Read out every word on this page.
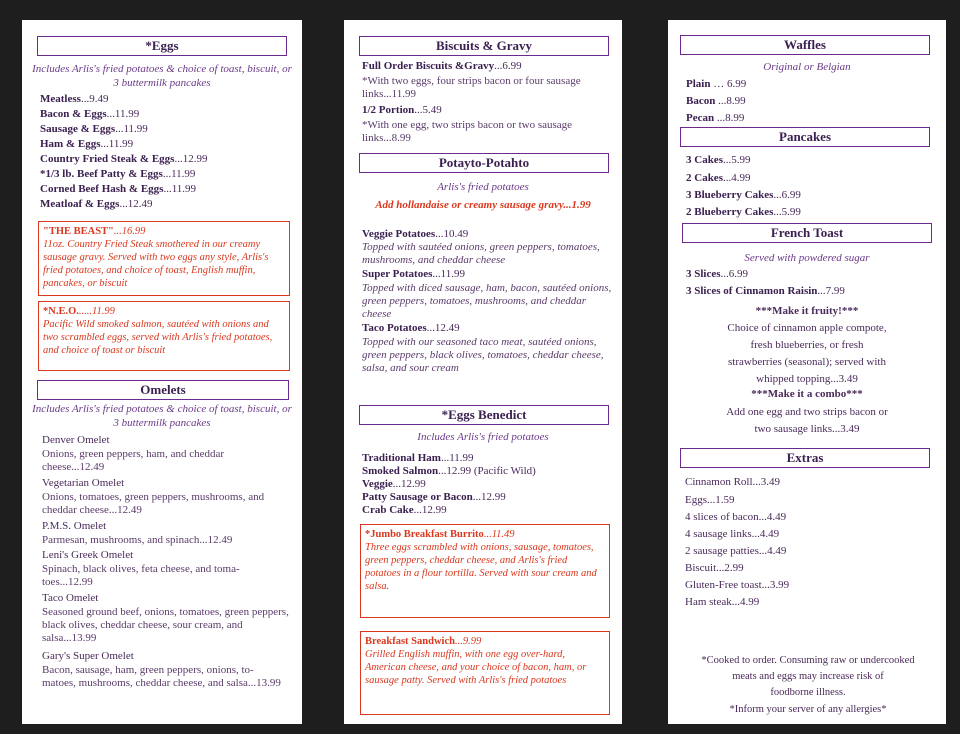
*Eggs
Includes Arlis's fried potatoes & choice of toast, biscuit, or 3 buttermilk pancakes
Meatless...9.49
Bacon & Eggs...11.99
Sausage & Eggs...11.99
Ham & Eggs...11.99
Country Fried Steak & Eggs...12.99
*1/3 lb. Beef Patty & Eggs...11.99
Corned Beef Hash & Eggs...11.99
Meatloaf & Eggs...12.49
"THE BEAST"...16.99
11oz. Country Fried Steak smothered in our creamy sausage gravy. Served with two eggs any style, Arlis's fried potatoes, and choice of toast, English muffin, pancakes, or biscuit
*N.E.O......11.99
Pacific Wild smoked salmon, sautéed with onions and two scrambled eggs, served with Arlis's fried potatoes, and choice of toast or biscuit
Omelets
Includes Arlis's fried potatoes & choice of toast, biscuit, or 3 buttermilk pancakes
Denver Omelet
Onions, green peppers, ham, and cheddar cheese...12.49
Vegetarian Omelet
Onions, tomatoes, green peppers, mushrooms, and cheddar cheese...12.49
P.M.S. Omelet
Parmesan, mushrooms, and spinach...12.49
Leni's Greek Omelet
Spinach, black olives, feta cheese, and toma- toes...12.99
Taco Omelet
Seasoned ground beef, onions, tomatoes, green peppers, black olives, cheddar cheese, sour cream, and salsa...13.99
Gary's Super Omelet
Bacon, sausage, ham, green peppers, onions, to- matoes, mushrooms, cheddar cheese, and salsa...13.99
Biscuits & Gravy
Full Order Biscuits &Gravy...6.99
*With two eggs, four strips bacon or four sausage links...11.99
1/2 Portion...5.49
*With one egg, two strips bacon or two sausage links...8.99
Potayto-Potahto
Arlis's fried potatoes
Add hollandaise or creamy sausage gravy...1.99
Veggie Potatoes...10.49
Topped with sautéed onions, green peppers, tomatoes, mushrooms, and cheddar cheese
Super Potatoes...11.99
Topped with diced sausage, ham, bacon, sautéed onions, green peppers, tomatoes, mushrooms, and cheddar cheese
Taco Potatoes...12.49
Topped with our seasoned taco meat, sautéed onions, green peppers, black olives, tomatoes, cheddar cheese, salsa, and sour cream
*Eggs Benedict
Includes Arlis's fried potatoes
Traditional Ham...11.99
Smoked Salmon...12.99 (Pacific Wild)
Veggie...12.99
Patty Sausage or Bacon...12.99
Crab Cake...12.99
*Jumbo Breakfast Burrito...11.49
Three eggs scrambled with onions, sausage, tomatoes, green peppers, cheddar cheese, and Arlis's fried potatoes in a flour tortilla. Served with sour cream and salsa.
Breakfast Sandwich...9.99
Grilled English muffin, with one egg over-hard, American cheese, and your choice of bacon, ham, or sausage patty. Served with Arlis's fried potatoes
Waffles
Original or Belgian
Plain … 6.99
Bacon ...8.99
Pecan ...8.99
Pancakes
3 Cakes...5.99
2 Cakes...4.99
3 Blueberry Cakes...6.99
2 Blueberry Cakes...5.99
French Toast
Served with powdered sugar
3 Slices...6.99
3 Slices of Cinnamon Raisin...7.99
***Make it fruity!***
Choice of cinnamon apple compote,
fresh blueberries, or fresh
strawberries (seasonal); served with
whipped topping...3.49
***Make it a combo***
Add one egg and two strips bacon or
two sausage links...3.49
Extras
Cinnamon Roll...3.49
Eggs...1.59
4 slices of bacon...4.49
4 sausage links...4.49
2 sausage patties...4.49
Biscuit...2.99
Gluten-Free toast...3.99
Ham steak...4.99
*Cooked to order. Consuming raw or undercooked
meats and eggs may increase risk of
foodborne illness.
*Inform your server of any allergies*
